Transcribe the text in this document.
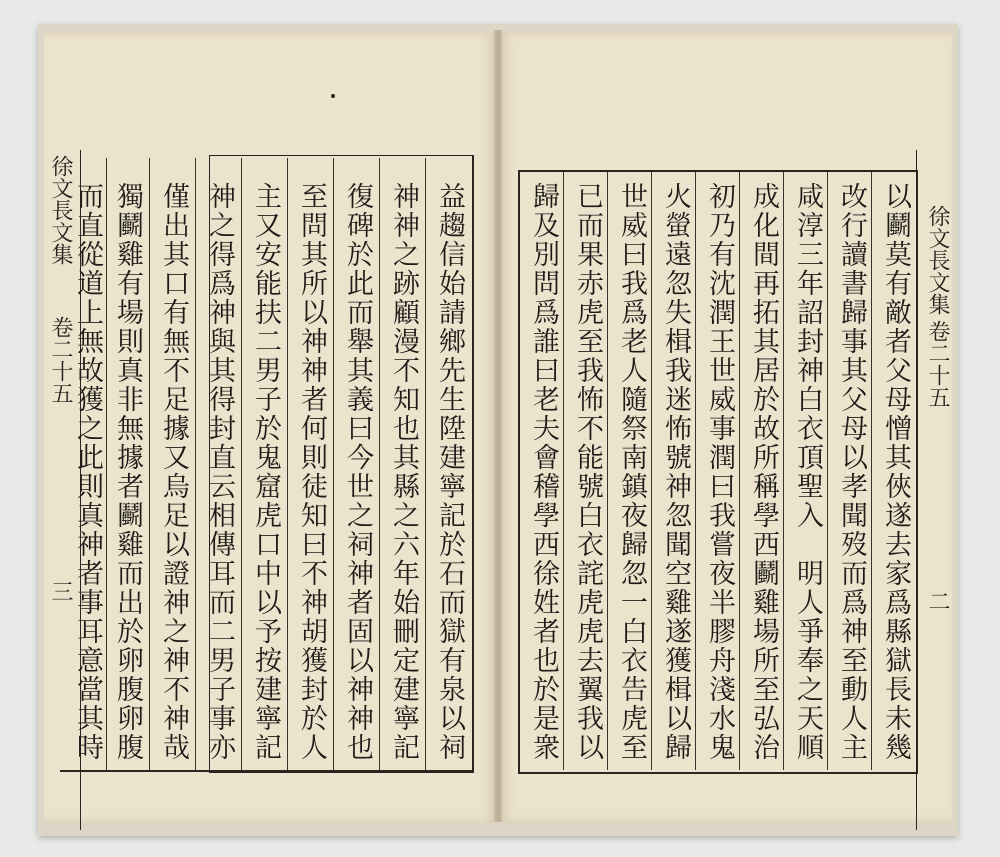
徐文長文集
卷二十五
三	益趨信始請鄉先生陞建寧記於石而獄有泉以祠
神神之跡顧漫不知也其縣之六年始刪定建寧記
復碑於此而舉其義曰今世之祠神者固以神神也
至問其所以神神者何則徒知曰不神胡獲封於人
主又安能扶二男子於鬼窟虎口中以予按建寧記
神之得爲神與其得封直云相傳耳而二男子事亦
僅出其口有無不足據又烏足以證神之神不神哉
獨鬬雞有場則真非無據者鬬雞而出於卵腹卵腹
而直從道上無故獲之此則真神者事耳意當其時	以鬬莫有敵者父母憎其俠遂去家爲縣獄長未幾
改行讀書歸事其父母以孝聞歿而爲神至動人主
咸淳三年詔封神白衣頂聖入　明人爭奉之天順
成化間再拓其居於故所稱學西鬬雞場所至弘治
初乃有沈潤王世威事潤曰我嘗夜半膠舟淺水鬼
火螢遠忽失楫我迷怖號神忽聞空雞遂獲楫以歸
世威曰我爲老人隨祭南鎮夜歸忽一白衣告虎至
已而果赤虎至我怖不能號白衣詫虎虎去翼我以
歸及別問爲誰曰老夫會稽學西徐姓者也於是衆	徐文長文集
卷二十五
二
